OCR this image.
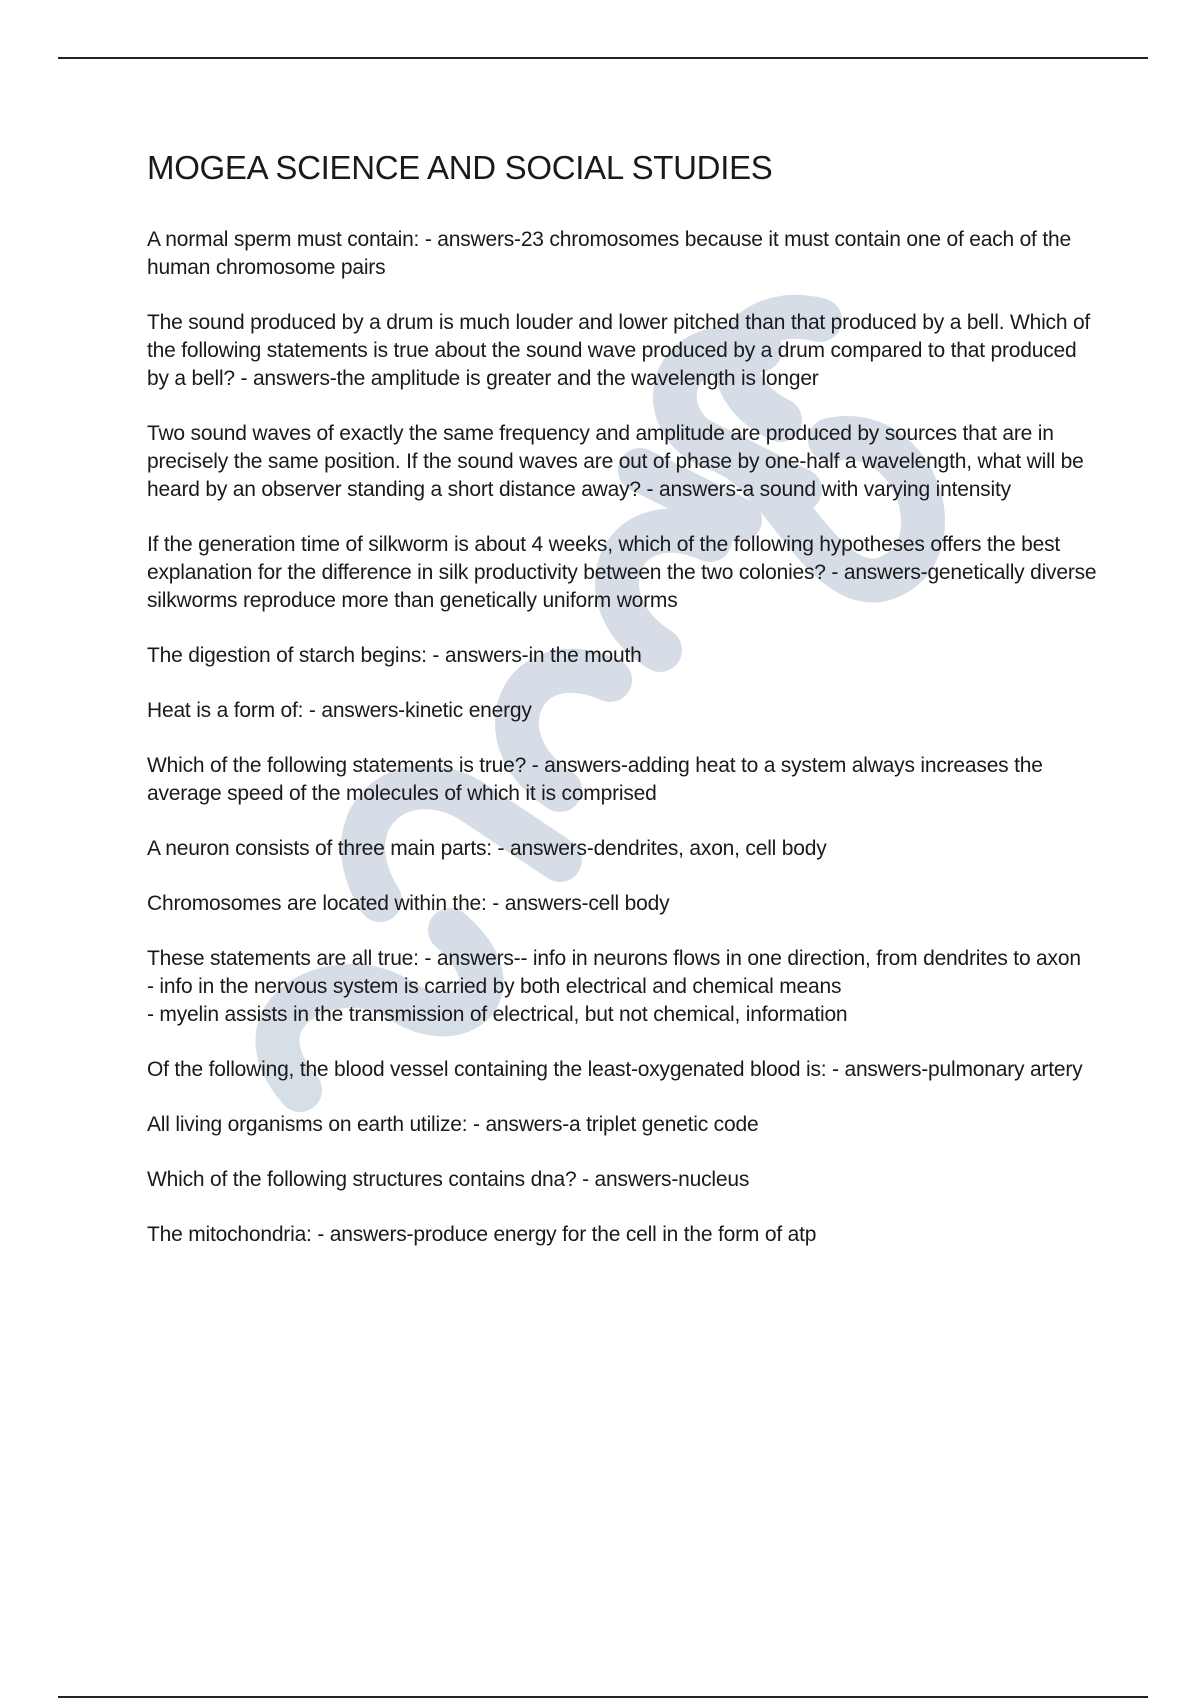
MOGEA SCIENCE AND SOCIAL STUDIES

A normal sperm must contain: - answers-23 chromosomes because it must contain one of each of the human chromosome pairs

The sound produced by a drum is much louder and lower pitched than that produced by a bell. Which of the following statements is true about the sound wave produced by a drum compared to that produced by a bell? - answers-the amplitude is greater and the wavelength is longer

Two sound waves of exactly the same frequency and amplitude are produced by sources that are in precisely the same position. If the sound waves are out of phase by one-half a wavelength, what will be heard by an observer standing a short distance away? - answers-a sound with varying intensity

If the generation time of silkworm is about 4 weeks, which of the following hypotheses offers the best explanation for the difference in silk productivity between the two colonies? - answers-genetically diverse silkworms reproduce more than genetically uniform worms

The digestion of starch begins: - answers-in the mouth

Heat is a form of: - answers-kinetic energy

Which of the following statements is true? - answers-adding heat to a system always increases the average speed of the molecules of which it is comprised

A neuron consists of three main parts: - answers-dendrites, axon, cell body

Chromosomes are located within the: - answers-cell body

These statements are all true: - answers-- info in neurons flows in one direction, from dendrites to axon
- info in the nervous system is carried by both electrical and chemical means
- myelin assists in the transmission of electrical, but not chemical, information

Of the following, the blood vessel containing the least-oxygenated blood is: - answers-pulmonary artery

All living organisms on earth utilize: - answers-a triplet genetic code

Which of the following structures contains dna? - answers-nucleus

The mitochondria: - answers-produce energy for the cell in the form of atp
